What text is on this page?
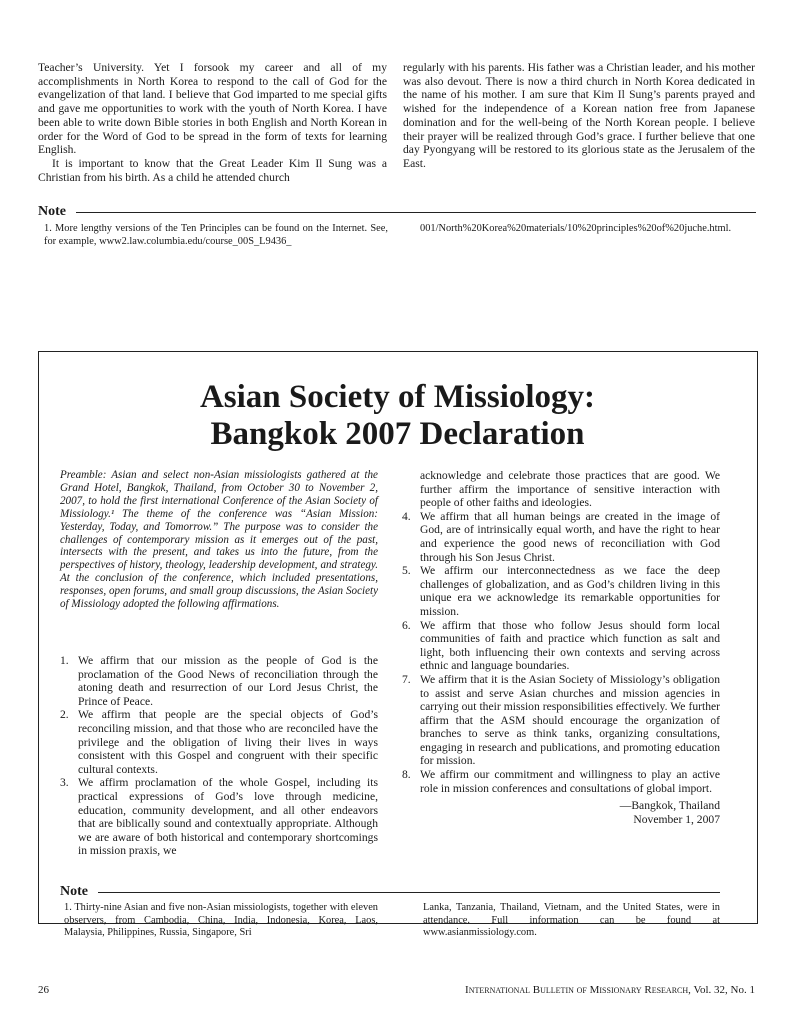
Teacher’s University. Yet I forsook my career and all of my accomplishments in North Korea to respond to the call of God for the evangelization of that land. I believe that God imparted to me special gifts and gave me opportunities to work with the youth of North Korea. I have been able to write down Bible stories in both English and North Korean in order for the Word of God to be spread in the form of texts for learning English.

It is important to know that the Great Leader Kim Il Sung was a Christian from his birth. As a child he attended church

regularly with his parents. His father was a Christian leader, and his mother was also devout. There is now a third church in North Korea dedicated in the name of his mother. I am sure that Kim Il Sung’s parents prayed and wished for the independence of a Korean nation free from Japanese domination and for the well-being of the North Korean people. I believe their prayer will be realized through God’s grace. I further believe that one day Pyongyang will be restored to its glorious state as the Jerusalem of the East.

Note
1. More lengthy versions of the Ten Principles can be found on the Internet. See, for example, www2.law.columbia.edu/course_00S_L9436_
001/North%20Korea%20materials/10%20principles%20of%20juche.html.
Asian Society of Missiology:
Bangkok 2007 Declaration
Preamble: Asian and select non-Asian missiologists gathered at the Grand Hotel, Bangkok, Thailand, from October 30 to November 2, 2007, to hold the first international Conference of the Asian Society of Missiology.¹ The theme of the conference was “Asian Mission: Yesterday, Today, and Tomorrow.” The purpose was to consider the challenges of contemporary mission as it emerges out of the past, intersects with the present, and takes us into the future, from the perspectives of history, theology, leadership development, and strategy. At the conclusion of the conference, which included presentations, responses, open forums, and small group discussions, the Asian Society of Missiology adopted the following affirmations.
1. We affirm that our mission as the people of God is the proclamation of the Good News of reconciliation through the atoning death and resurrection of our Lord Jesus Christ, the Prince of Peace.
2. We affirm that people are the special objects of God’s reconciling mission, and that those who are reconciled have the privilege and the obligation of living their lives in ways consistent with this Gospel and congruent with their specific cultural contexts.
3. We affirm proclamation of the whole Gospel, including its practical expressions of God’s love through medicine, education, community development, and all other endeavors that are biblically sound and contextually appropriate. Although we are aware of both historical and contemporary shortcomings in mission praxis, we
acknowledge and celebrate those practices that are good. We further affirm the importance of sensitive interaction with people of other faiths and ideologies.
4. We affirm that all human beings are created in the image of God, are of intrinsically equal worth, and have the right to hear and experience the good news of reconciliation with God through his Son Jesus Christ.
5. We affirm our interconnectedness as we face the deep challenges of globalization, and as God’s children living in this unique era we acknowledge its remarkable opportunities for mission.
6. We affirm that those who follow Jesus should form local communities of faith and practice which function as salt and light, both influencing their own contexts and serving across ethnic and language boundaries.
7. We affirm that it is the Asian Society of Missiology’s obligation to assist and serve Asian churches and mission agencies in carrying out their mission responsibilities effectively. We further affirm that the ASM should encourage the organization of branches to serve as think tanks, organizing consultations, engaging in research and publications, and promoting education for mission.
8. We affirm our commitment and willingness to play an active role in mission conferences and consultations of global import.
—Bangkok, Thailand
November 1, 2007
Note
1. Thirty-nine Asian and five non-Asian missiologists, together with eleven observers, from Cambodia, China, India, Indonesia, Korea, Laos, Malaysia, Philippines, Russia, Singapore, Sri
Lanka, Tanzania, Thailand, Vietnam, and the United States, were in attendance. Full information can be found at www.asianmissiology.com.
26	International Bulletin of Missionary Research, Vol. 32, No. 1
